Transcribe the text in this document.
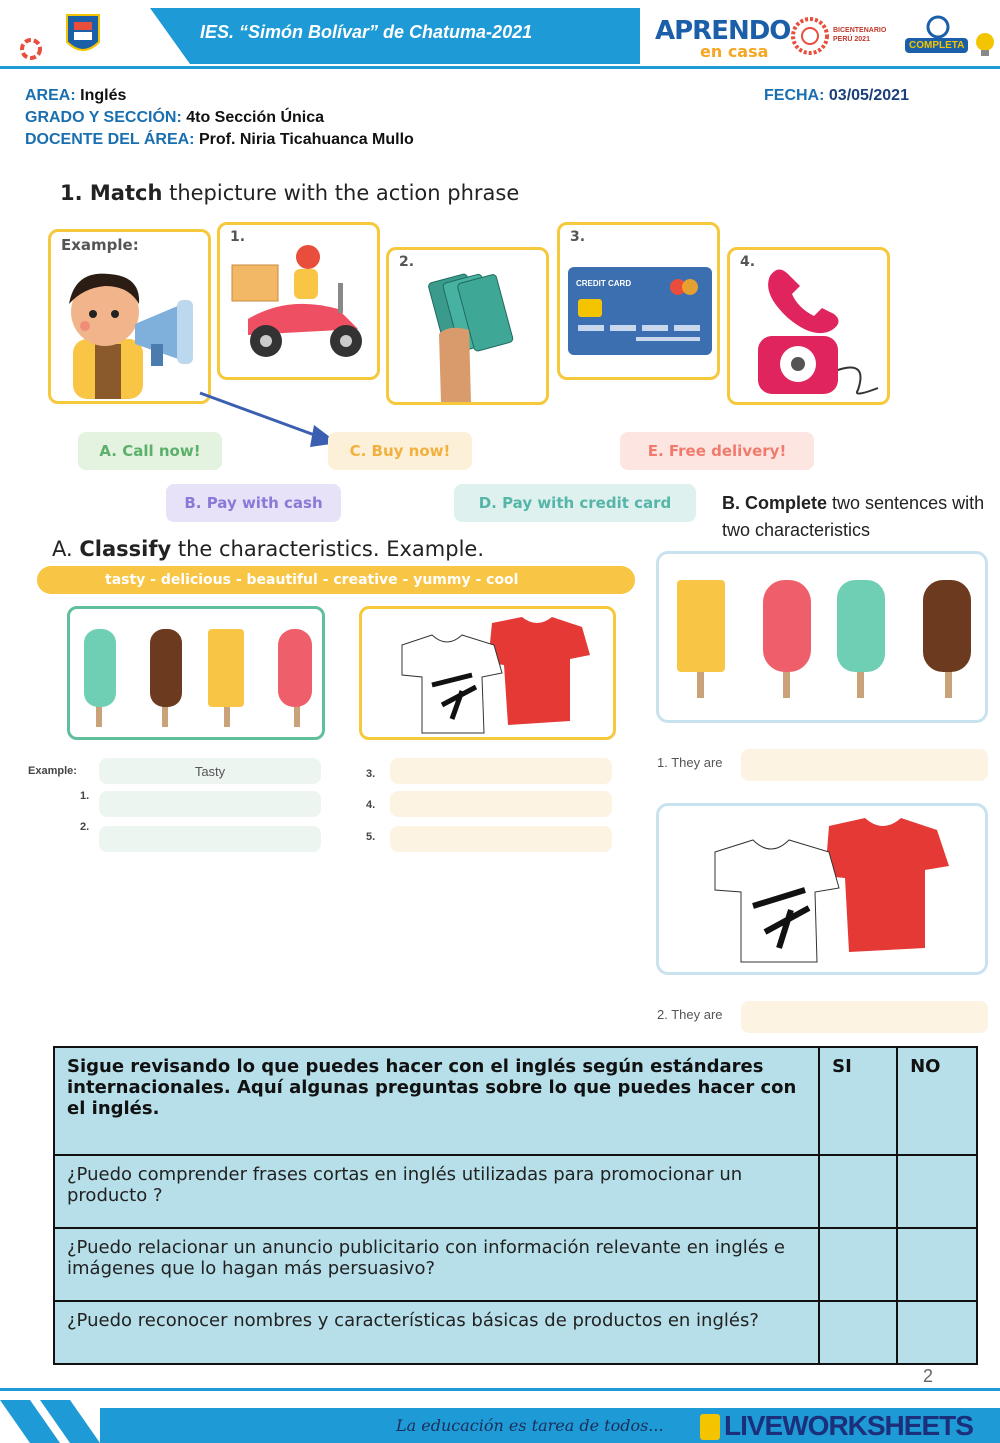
IES. “Simón Bolívar” de Chatuma-2021	APRENDO
en casa
BICENTENARIO PERÚ 2021
COMPLETA
AREA: Inglés
GRADO Y SECCIÓN: 4to Sección Única
DOCENTE DEL ÁREA: Prof. Niria Ticahuanca Mullo
FECHA: 03/05/2021
1. Match thepicture with the action phrase
Example:	1.
2.
3.
CREDIT CARD
4.
A. Call now!	C. Buy now!	E. Free delivery!
B. Pay with cash	D. Pay with credit card	B. Complete two sentences with two characteristics
A. Classify the characteristics. Example.
tasty - delicious - beautiful - creative - yummy - cool
Example:	Tasty
1.
2.
3.
4.
5.
1. They are
2. They are
Sigue revisando lo que puedes hacer con el inglés según estándares internacionales. Aquí algunas preguntas sobre lo que puedes hacer con el inglés.	SI	NO
¿Puedo comprender frases cortas en inglés utilizadas para promocionar un producto ?		
¿Puedo relacionar un anuncio publicitario con información relevante en inglés e imágenes que lo hagan más persuasivo?		
¿Puedo reconocer nombres y características básicas de productos en inglés?		
2
La educación es tarea de todos... LIVEWORKSHEETS
